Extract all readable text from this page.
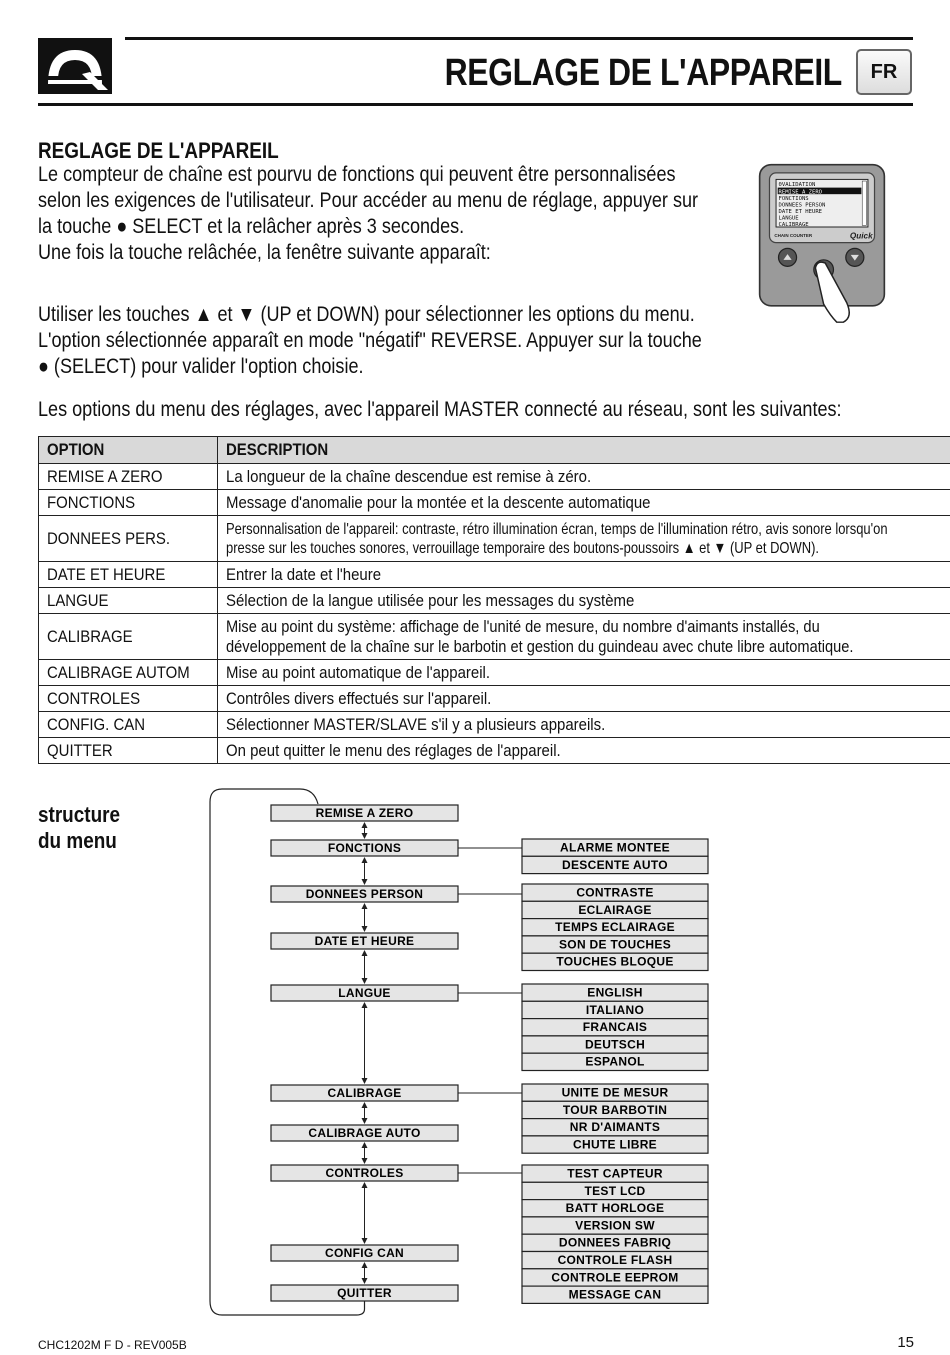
REGLAGE DE L'APPAREIL	FR
REGLAGE DE L'APPAREIL
Le compteur de chaîne est pourvu de fonctions qui peuvent être personnalisées
selon les exigences de l'utilisateur. Pour accéder au menu de réglage, appuyer sur
la touche ● SELECT et la relâcher après 3 secondes.
Une fois la touche relâchée, la fenêtre suivante apparaît:
Utiliser les touches ▲ et ▼ (UP et DOWN) pour sélectionner les options du menu.
L'option sélectionnée apparaît en mode "négatif" REVERSE. Appuyer sur la touche
● (SELECT) pour valider l'option choisie.
Les options du menu des réglages, avec l'appareil MASTER connecté au réseau, sont les suivantes:
0VALIDATION
REMISE A ZERO
FONCTIONS
DONNEES PERSON
DATE ET HEURE
LANGUE
CALIBRAGE
CHAIN COUNTER	Quick
OPTION	DESCRIPTION
REMISE A ZERO	La longueur de la chaîne descendue est remise à zéro.
FONCTIONS	Message d'anomalie pour la montée et la descente automatique
DONNEES PERS.	Personnalisation de l'appareil: contraste, rétro illumination écran, temps de l'illumination rétro, avis sonore lorsqu'on
presse sur les touches sonores, verrouillage temporaire des boutons-poussoirs ▲ et ▼ (UP et DOWN).
DATE ET HEURE	Entrer la date et l'heure
LANGUE	Sélection de la langue utilisée pour les messages du système
CALIBRAGE	Mise au point du système: affichage de l'unité de mesure, du nombre d'aimants installés, du
développement de la chaîne sur le barbotin et gestion du guindeau avec chute libre automatique.
CALIBRAGE AUTOM	Mise au point automatique de l'appareil.
CONTROLES	Contrôles divers effectués sur l'appareil.
CONFIG. CAN	Sélectionner MASTER/SLAVE s'il y a plusieurs appareils.
QUITTER	On peut quitter le menu des réglages de l'appareil.
structure
du menu
REMISE A ZERO
FONCTIONS
DONNEES PERSON
DATE ET HEURE
LANGUE
CALIBRAGE
CALIBRAGE AUTO
CONTROLES
CONFIG CAN
QUITTER
ALARME MONTEE
DESCENTE AUTO
CONTRASTE
ECLAIRAGE
TEMPS ECLAIRAGE
SON DE TOUCHES
TOUCHES BLOQUE
ENGLISH
ITALIANO
FRANCAIS
DEUTSCH
ESPANOL
UNITE DE MESUR
TOUR BARBOTIN
NR D'AIMANTS
CHUTE LIBRE
TEST CAPTEUR
TEST LCD
BATT HORLOGE
VERSION SW
DONNEES FABRIQ
CONTROLE FLASH
CONTROLE EEPROM
MESSAGE CAN
CHC1202M F D - REV005B	15
